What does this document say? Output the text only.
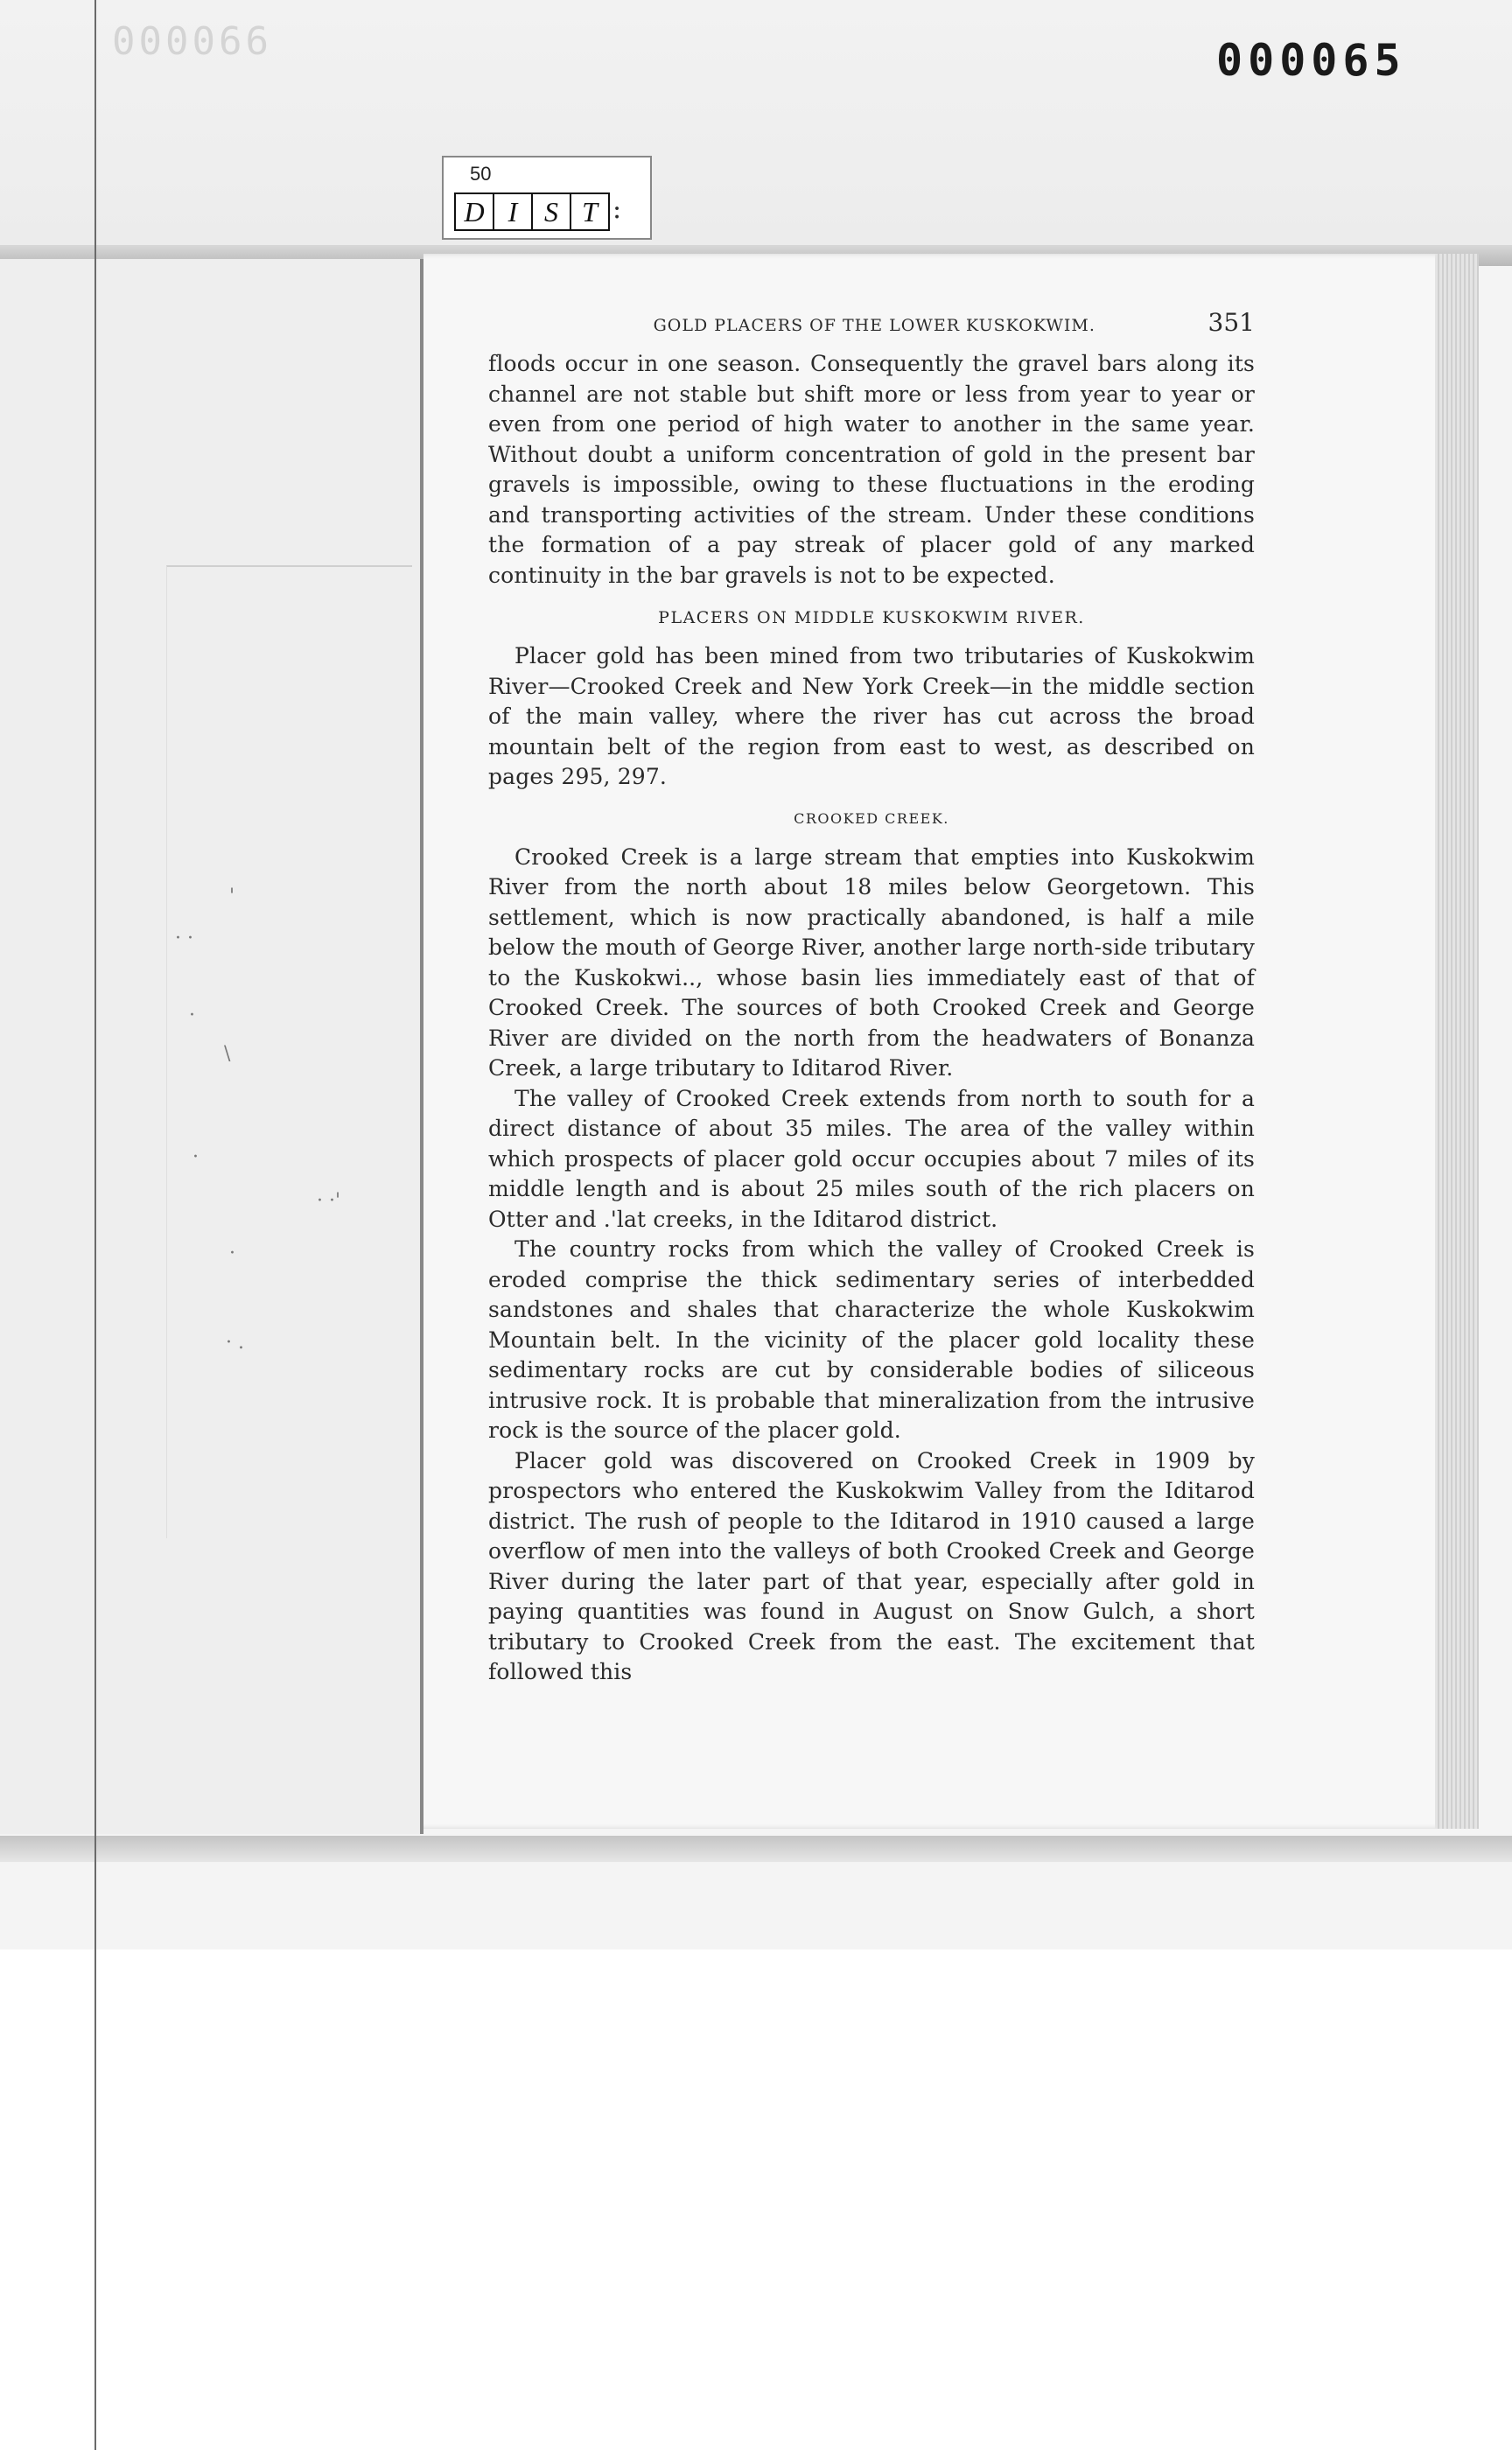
000066	000065
50
D I S T :
'
· ·
·
\
·
· ·'
·
· .
GOLD PLACERS OF THE LOWER KUSKOKWIM.	351

floods occur in one season. Consequently the gravel bars along its channel are not stable but shift more or less from year to year or even from one period of high water to another in the same year. Without doubt a uniform concentration of gold in the present bar gravels is impossible, owing to these fluctuations in the eroding and transporting activities of the stream. Under these conditions the formation of a pay streak of placer gold of any marked continuity in the bar gravels is not to be expected.

PLACERS ON MIDDLE KUSKOKWIM RIVER.

Placer gold has been mined from two tributaries of Kuskokwim River—Crooked Creek and New York Creek—in the middle section of the main valley, where the river has cut across the broad mountain belt of the region from east to west, as described on pages 295, 297.

CROOKED CREEK.

Crooked Creek is a large stream that empties into Kuskokwim River from the north about 18 miles below Georgetown. This settlement, which is now practically abandoned, is half a mile below the mouth of George River, another large north-side tributary to the Kuskokwi.., whose basin lies immediately east of that of Crooked Creek. The sources of both Crooked Creek and George River are divided on the north from the headwaters of Bonanza Creek, a large tributary to Iditarod River.

The valley of Crooked Creek extends from north to south for a direct distance of about 35 miles. The area of the valley within which prospects of placer gold occur occupies about 7 miles of its middle length and is about 25 miles south of the rich placers on Otter and .'lat creeks, in the Iditarod district.

The country rocks from which the valley of Crooked Creek is eroded comprise the thick sedimentary series of interbedded sandstones and shales that characterize the whole Kuskokwim Mountain belt. In the vicinity of the placer gold locality these sedimentary rocks are cut by considerable bodies of siliceous intrusive rock. It is probable that mineralization from the intrusive rock is the source of the placer gold.

Placer gold was discovered on Crooked Creek in 1909 by prospectors who entered the Kuskokwim Valley from the Iditarod district. The rush of people to the Iditarod in 1910 caused a large overflow of men into the valleys of both Crooked Creek and George River during the later part of that year, especially after gold in paying quantities was found in August on Snow Gulch, a short tributary to Crooked Creek from the east. The excitement that followed this
